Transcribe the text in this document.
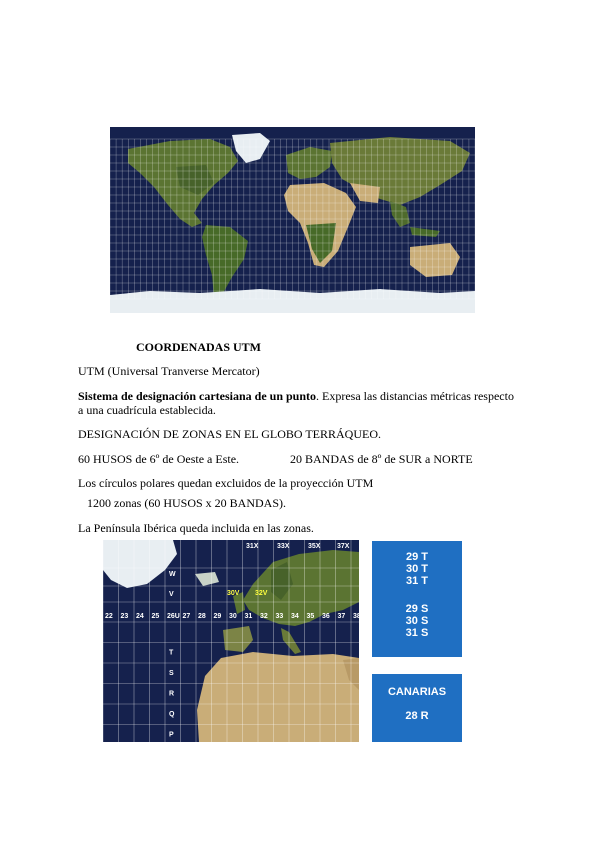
COORDENADAS UTM
UTM (Universal Tranverse Mercator)
Sistema de designación cartesiana de un punto. Expresa las distancias métricas respecto
a una cuadrícula establecida.
DESIGNACIÓN DE ZONAS EN EL GLOBO TERRÁQUEO.
60 HUSOS de 6º de Oeste a Este.	20 BANDAS de 8º de SUR a NORTE
Los círculos polares quedan excluidos de la proyección UTM
1200 zonas (60 HUSOS x 20 BANDAS).
La Península Ibérica queda incluida en las zonas.
22 23 24 25 26U 27 28 29 30 31 32 33 34 35 36 37 38
W
V
T
S
R
Q
P
31X	33X	35X 37X
30V 32V
29 T
30 T
31 T
29 S
30 S
31 S
CANARIAS
28 R
